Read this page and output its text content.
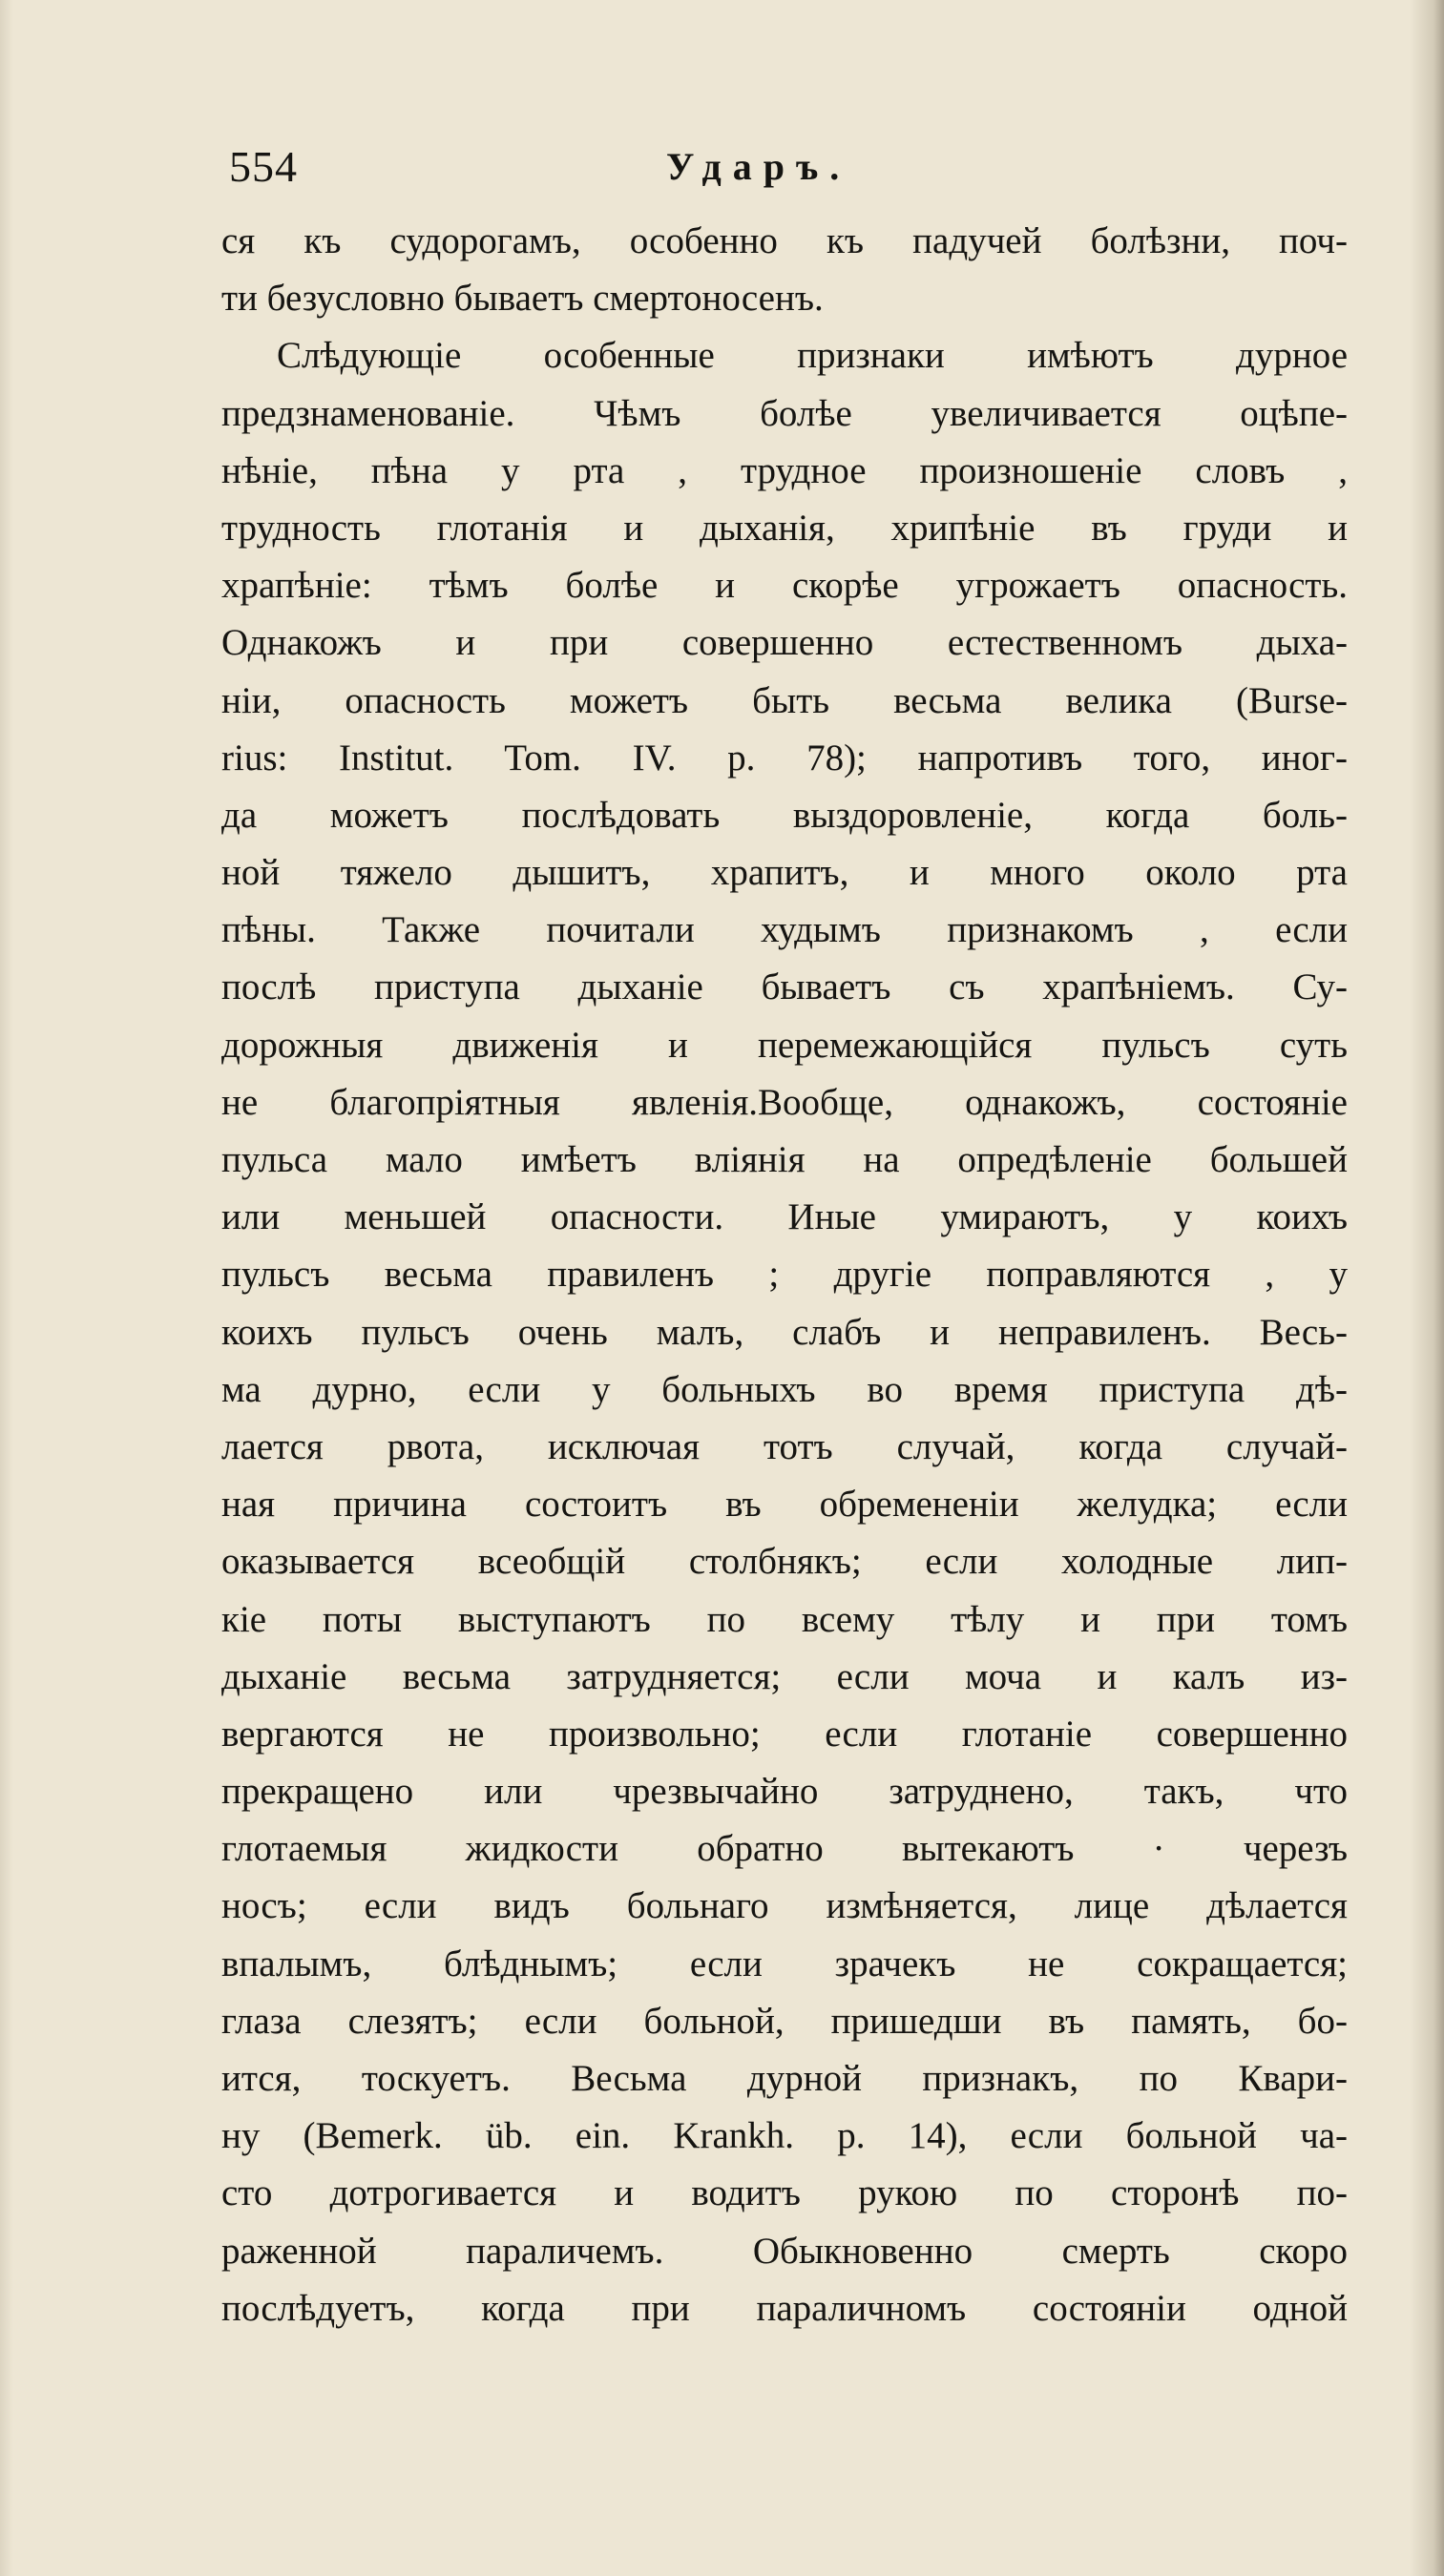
554	Ударъ.
ся къ судорогамъ, особенно къ падучей болѣзни, поч-
ти безусловно бываетъ смертоносенъ.
Слѣдующіе особенные признаки имѣютъ дурное
предзнаменованіе. Чѣмъ болѣе увеличивается оцѣпе-
нѣніе, пѣна у рта , трудное произношеніе словъ ,
трудность глотанія и дыханія, хрипѣніе въ груди и
храпѣніе: тѣмъ болѣе и скорѣе угрожаетъ опасность.
Однакожъ и при совершенно естественномъ дыха-
ніи, опасность можетъ быть весьма велика (Burse-
rius: Institut. Tom. IV. p. 78); напротивъ того, иног-
да можетъ послѣдовать выздоровленіе, когда боль-
ной тяжело дышитъ, храпитъ, и много около рта
пѣны. Также почитали худымъ признакомъ , если
послѣ приступа дыханіе бываетъ съ храпѣніемъ. Су-
дорожныя движенія и перемежающійся пульсъ суть
не благопріятныя явленія.Вообще, однакожъ, состояніе
пульса мало имѣетъ вліянія на опредѣленіе большей
или меньшей опасности. Иные умираютъ, у коихъ
пульсъ весьма правиленъ ; другіе поправляются , у
коихъ пульсъ очень малъ, слабъ и неправиленъ. Весь-
ма дурно, если у больныхъ во время приступа дѣ-
лается рвота, исключая тотъ случай, когда случай-
ная причина состоитъ въ обремененіи желудка; если
оказывается всеобщій столбнякъ; если холодные лип-
кіе поты выступаютъ по всему тѣлу и при томъ
дыханіе весьма затрудняется; если моча и калъ из-
вергаются не произвольно; если глотаніе совершенно
прекращено или чрезвычайно затруднено, такъ, что
глотаемыя жидкости обратно вытекаютъ · черезъ
носъ; если видъ больнаго измѣняется, лице дѣлается
впалымъ, блѣднымъ; если зрачекъ не сокращается;
глаза слезятъ; если больной, пришедши въ память, бо-
ится, тоскуетъ. Весьма дурной признакъ, по Квари-
ну (Bemerk. üb. ein. Krankh. p. 14), если больной ча-
сто дотрогивается и водитъ рукою по сторонѣ по-
раженной параличемъ. Обыкновенно смерть скоро
послѣдуетъ, когда при параличномъ состояніи одной
